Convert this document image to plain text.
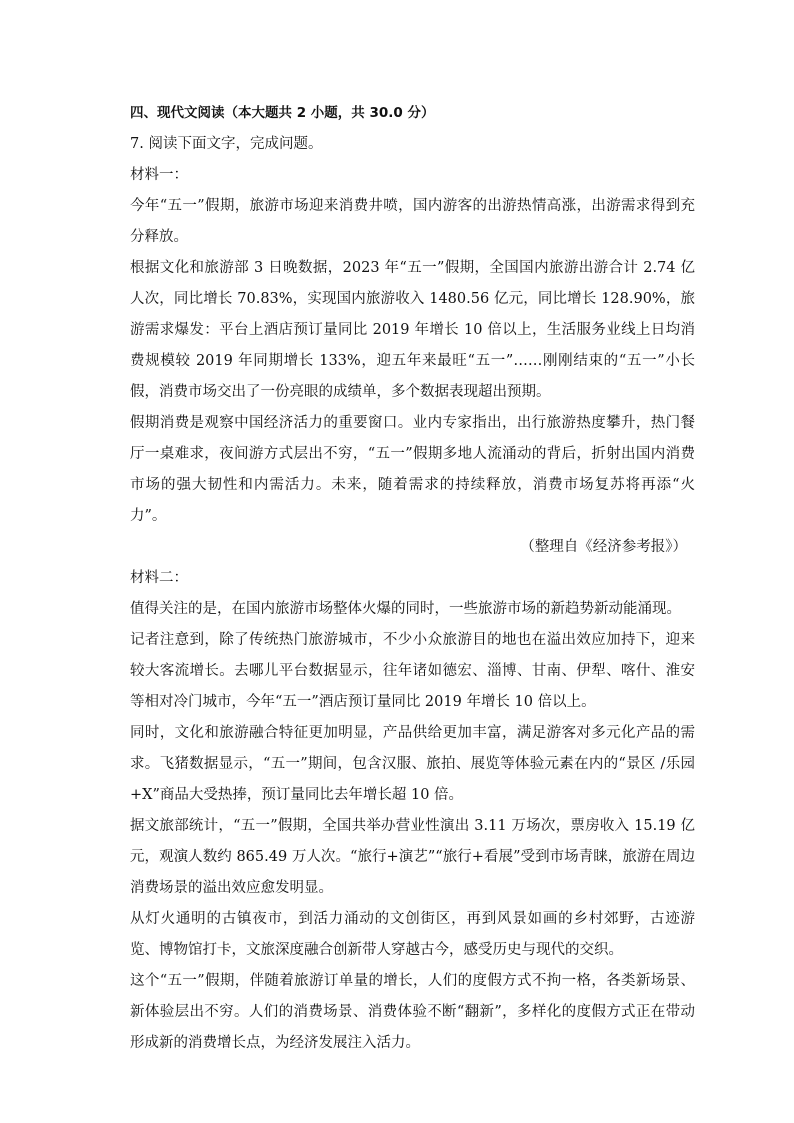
四、现代文阅读（本大题共 2 小题，共 30.0 分）

7. 阅读下面文字，完成问题。

材料一：

今年“五一”假期，旅游市场迎来消费井喷，国内游客的出游热情高涨，出游需求得到充分释放。

根据文化和旅游部 3 日晚数据，2023 年“五一”假期，全国国内旅游出游合计 2.74 亿人次，同比增长 70.83%，实现国内旅游收入 1480.56 亿元，同比增长 128.90%，旅游需求爆发：平台上酒店预订量同比 2019 年增长 10 倍以上，生活服务业线上日均消费规模较 2019 年同期增长 133%，迎五年来最旺“五一”……刚刚结束的“五一”小长假，消费市场交出了一份亮眼的成绩单，多个数据表现超出预期。

假期消费是观察中国经济活力的重要窗口。业内专家指出，出行旅游热度攀升，热门餐厅一桌难求，夜间游方式层出不穷，“五一”假期多地人流涌动的背后，折射出国内消费市场的强大韧性和内需活力。未来，随着需求的持续释放，消费市场复苏将再添“火力”。

（整理自《经济参考报》）

材料二：

值得关注的是，在国内旅游市场整体火爆的同时，一些旅游市场的新趋势新动能涌现。

记者注意到，除了传统热门旅游城市，不少小众旅游目的地也在溢出效应加持下，迎来较大客流增长。去哪儿平台数据显示，往年诸如德宏、淄博、甘南、伊犁、喀什、淮安等相对冷门城市，今年“五一”酒店预订量同比 2019 年增长 10 倍以上。

同时，文化和旅游融合特征更加明显，产品供给更加丰富，满足游客对多元化产品的需求。飞猪数据显示，“五一”期间，包含汉服、旅拍、展览等体验元素在内的“景区 /乐园+X”商品大受热捧，预订量同比去年增长超 10 倍。

据文旅部统计，“五一”假期，全国共举办营业性演出 3.11 万场次，票房收入 15.19 亿元，观演人数约 865.49 万人次。“旅行+演艺”“旅行+看展”受到市场青睐，旅游在周边消费场景的溢出效应愈发明显。

从灯火通明的古镇夜市，到活力涌动的文创街区，再到风景如画的乡村郊野，古迹游览、博物馆打卡，文旅深度融合创新带人穿越古今，感受历史与现代的交织。

这个“五一”假期，伴随着旅游订单量的增长，人们的度假方式不拘一格，各类新场景、新体验层出不穷。人们的消费场景、消费体验不断“翻新”，多样化的度假方式正在带动形成新的消费增长点，为经济发展注入活力。
